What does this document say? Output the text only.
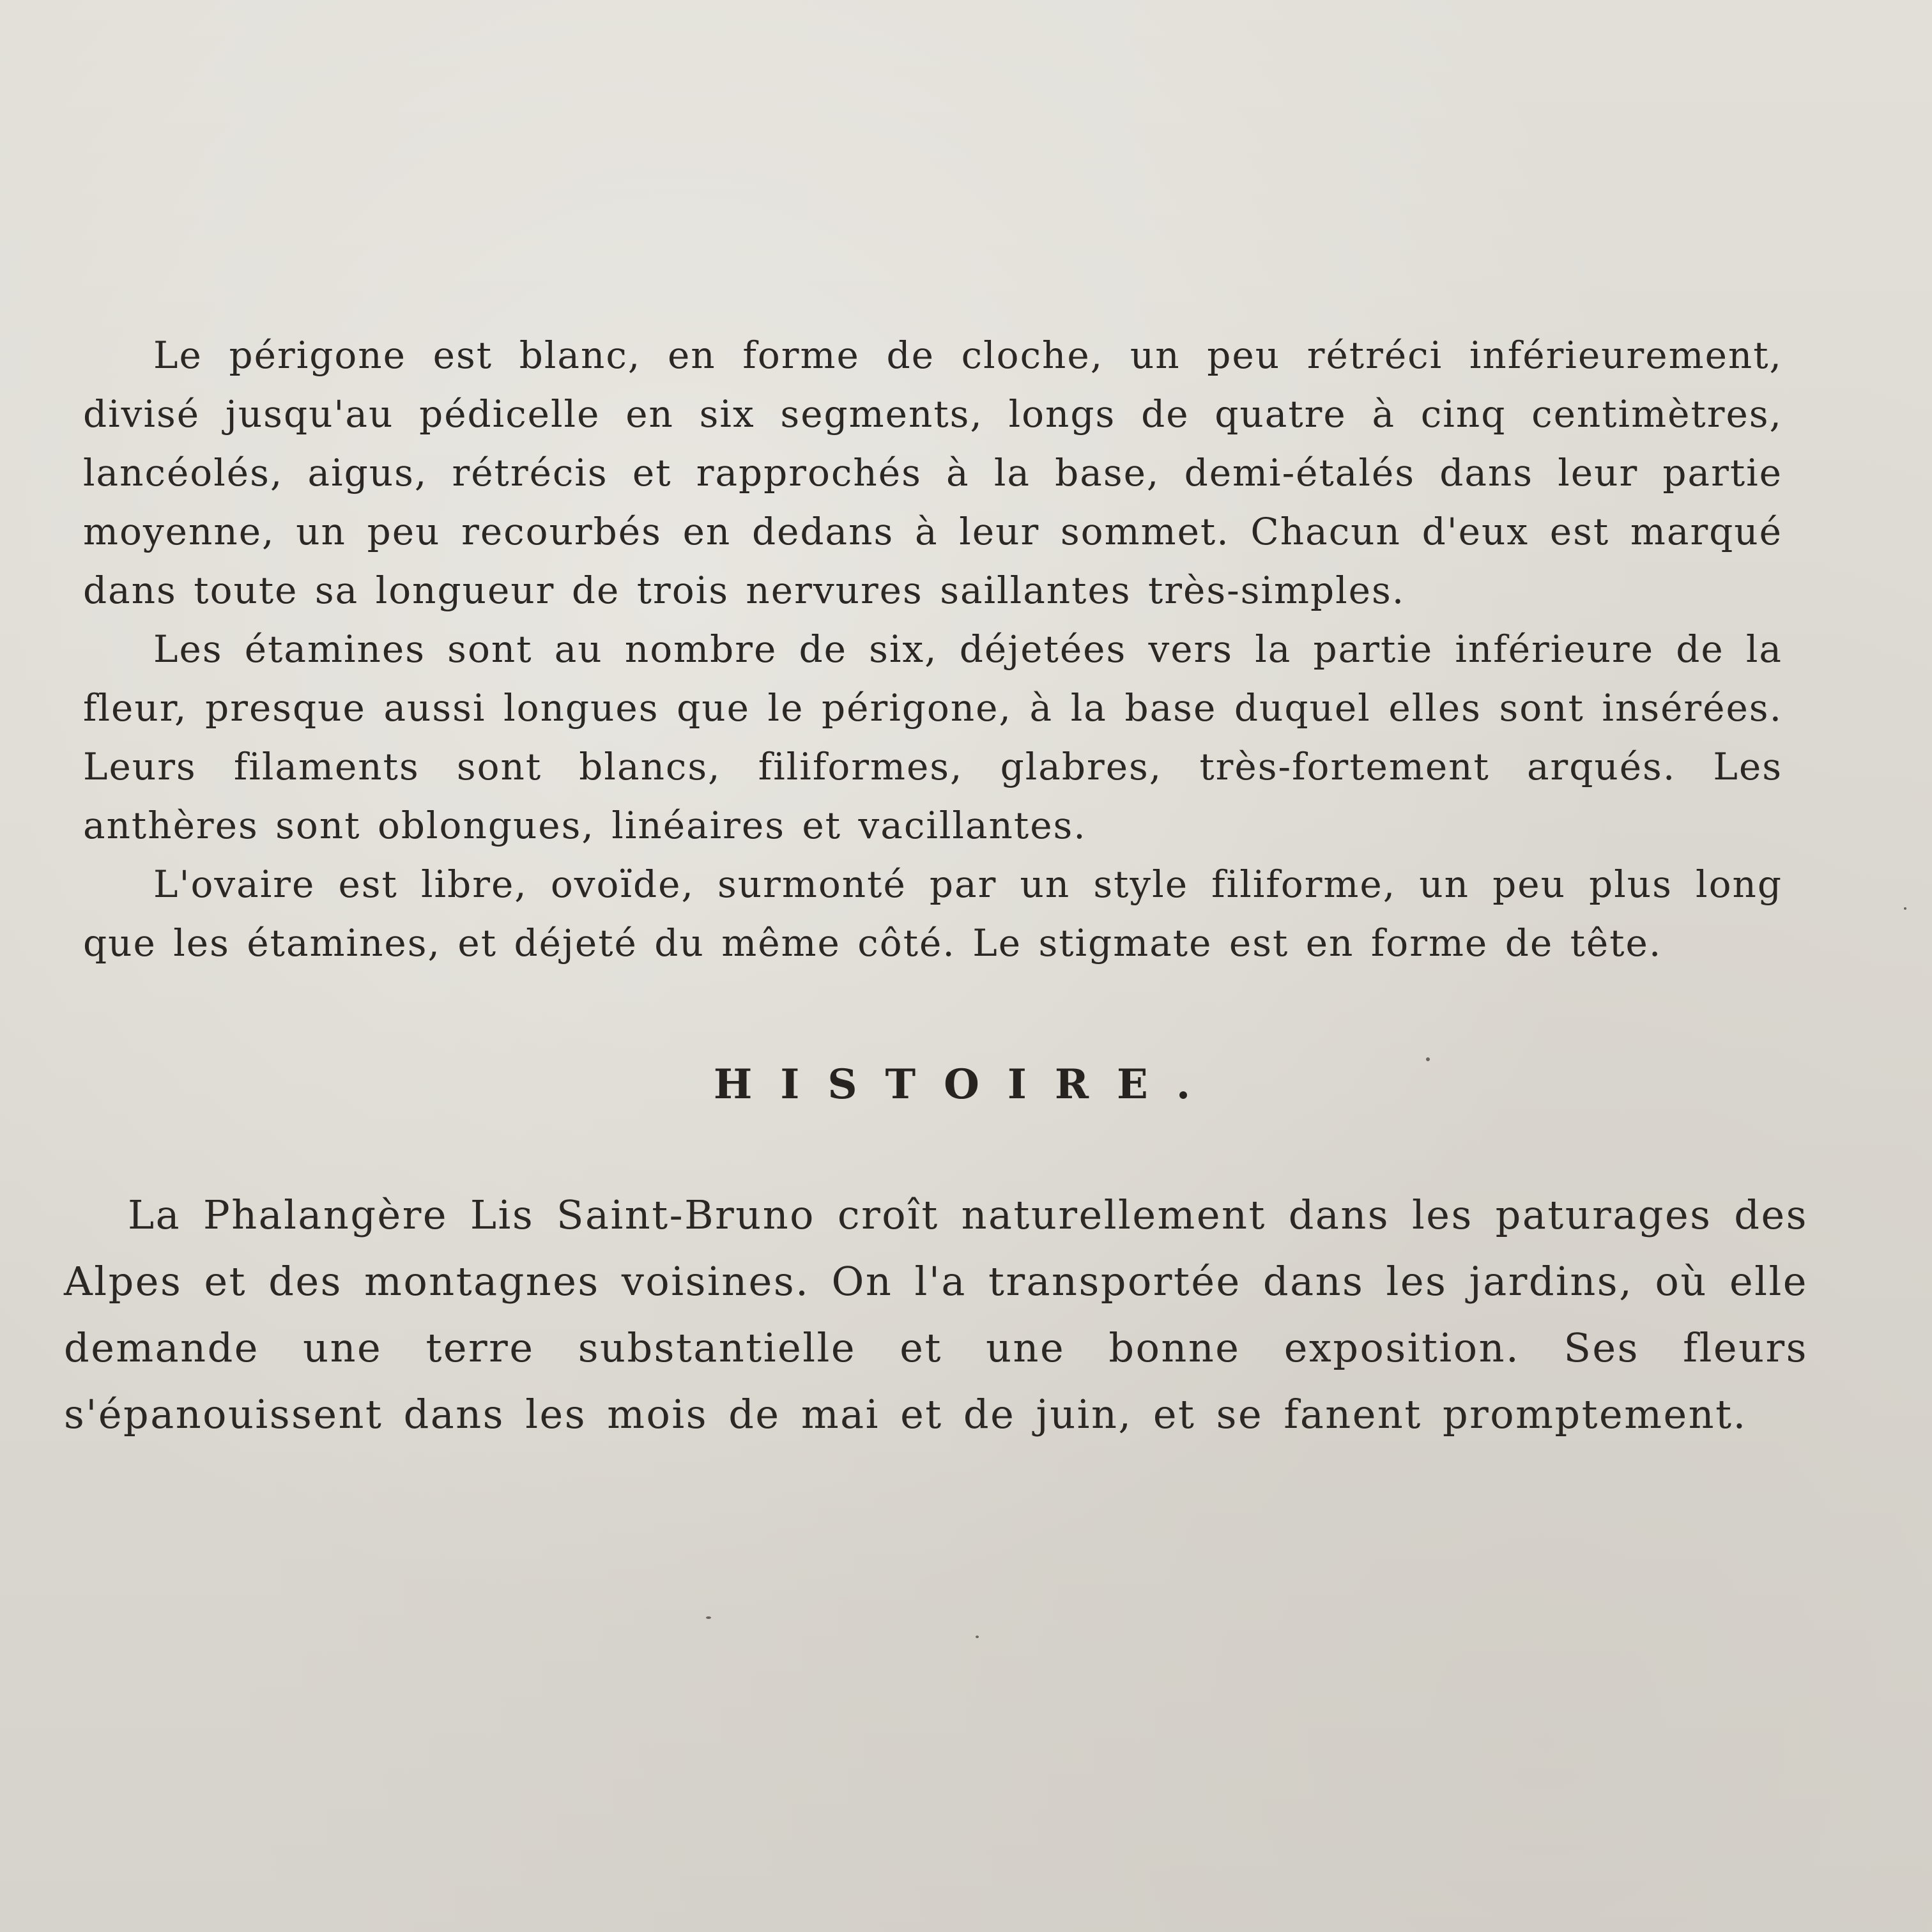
Le périgone est blanc, en forme de cloche, un peu rétréci inférieurement, divisé jusqu'au pédicelle en six segments, longs de quatre à cinq centimètres, lancéolés, aigus, rétrécis et rapprochés à la base, demi-étalés dans leur partie moyenne, un peu recourbés en dedans à leur sommet. Chacun d'eux est marqué dans toute sa longueur de trois nervures saillantes très-simples.

Les étamines sont au nombre de six, déjetées vers la partie inférieure de la fleur, presque aussi longues que le périgone, à la base duquel elles sont insérées. Leurs filaments sont blancs, filiformes, glabres, très-fortement arqués. Les anthères sont oblongues, linéaires et vacillantes.

L'ovaire est libre, ovoïde, surmonté par un style filiforme, un peu plus long que les étamines, et déjeté du même côté. Le stigmate est en forme de tête.

HISTOIRE.

La Phalangère Lis Saint-Bruno croît naturellement dans les paturages des Alpes et des montagnes voisines. On l'a transportée dans les jardins, où elle demande une terre substantielle et une bonne exposition. Ses fleurs s'épanouissent dans les mois de mai et de juin, et se fanent promptement.
